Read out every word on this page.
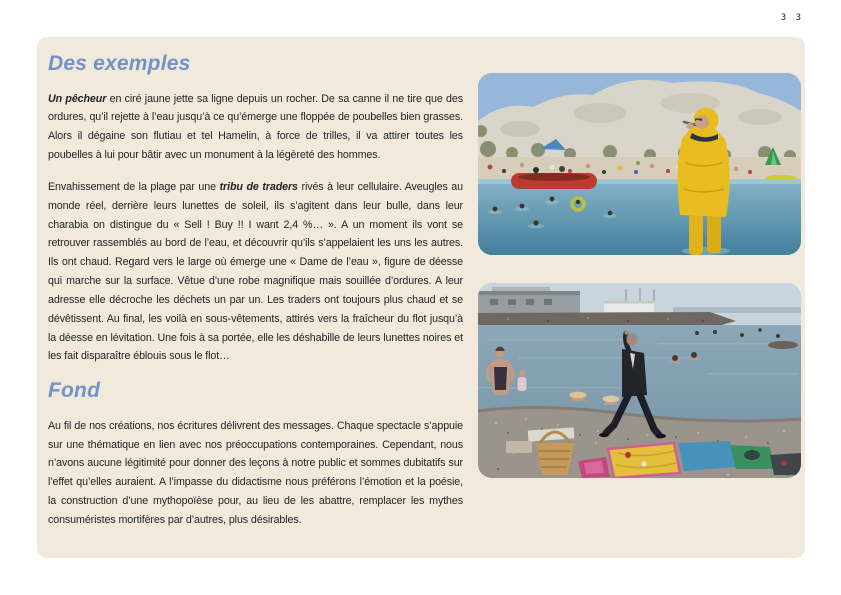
3 3
Des exemples

Un pêcheur en ciré jaune jette sa ligne depuis un rocher. De sa canne il ne tire que des ordures, qu’il rejette à l’eau jusqu’à ce qu’émerge une floppée de poubelles bien grasses. Alors il dégaine son flutiau et tel Hamelin, à force de trilles, il va attirer toutes les poubelles à lui pour bâtir avec un monument à la légèreté des hommes.

Envahissement de la plage par une tribu de traders rivés à leur cellulaire. Aveugles au monde réel, derrière leurs lunettes de soleil, ils s’agitent dans leur bulle, dans leur charabia on distingue du « Sell ! Buy !! I want 2,4 %… ». A un moment ils vont se retrouver rassemblés au bord de l’eau, et découvrir qu’ils s’appelaient les uns les autres. Ils ont chaud. Regard vers le large où émerge une « Dame de l’eau », figure de déesse qui marche sur la surface. Vêtue d’une robe magnifique mais souillée d’ordures. A leur adresse elle décroche les déchets un par un. Les traders ont toujours plus chaud et se dévêtissent. Au final, les voilà en sous-vêtements, attirés vers la fraîcheur du flot jusqu’à la déesse en lévitation. Une fois à sa portée, elle les déshabille de leurs lunettes noires et les fait disparaître éblouis sous le flot…

Fond

Au fil de nos créations, nos écritures délivrent des messages. Chaque spectacle s’appuie sur une thématique en lien avec nos préoccupations contemporaines. Cependant, nous n’avons aucune légitimité pour donner des leçons à notre public et sommes dubitatifs sur l’effet qu’elles auraient. A l’impasse du didactisme nous préférons l’émotion et la poésie, la construction d’une mythopoïèse pour, au lieu de les abattre, remplacer les mythes consuméristes mortifères par d’autres, plus désirables.
